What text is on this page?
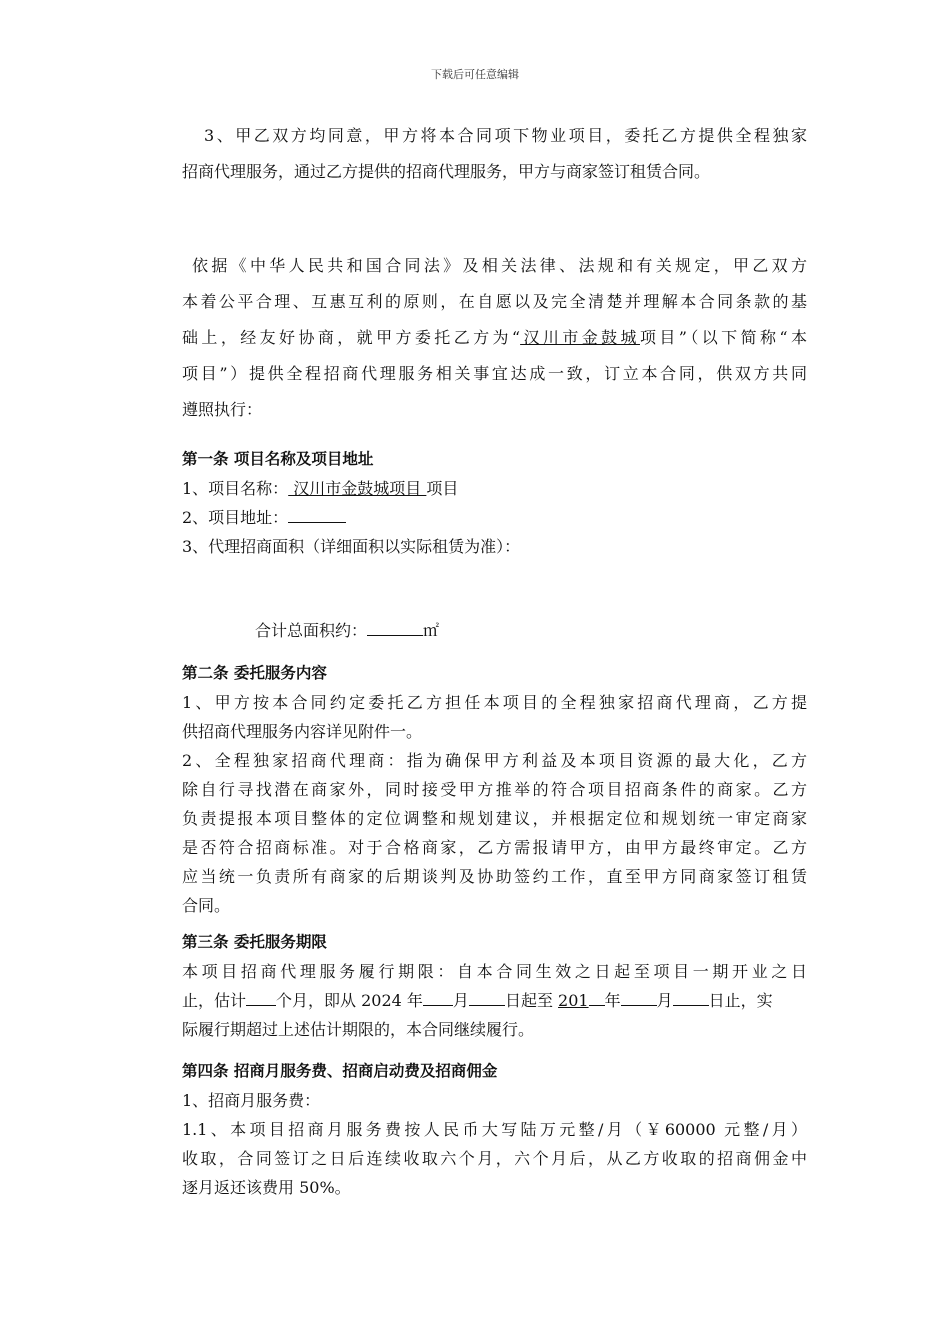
下载后可任意编辑

3、甲乙双方均同意，甲方将本合同项下物业项目，委托乙方提供全程独家

招商代理服务，通过乙方提供的招商代理服务，甲方与商家签订租赁合同。

依据《中华人民共和国合同法》及相关法律、法规和有关规定，甲乙双方

本着公平合理、互惠互利的原则，在自愿以及完全清楚并理解本合同条款的基

础上，经友好协商，就甲方委托乙方为“汉川市金鼓城项目”（以下简称“本

项目”）提供全程招商代理服务相关事宜达成一致，订立本合同，供双方共同

遵照执行：

第一条 项目名称及项目地址

1、项目名称： 汉川市金鼓城项目 项目

2、项目地址：

3、代理招商面积（详细面积以实际租赁为准）：

合计总面积约：	㎡

第二条 委托服务内容

1、甲方按本合同约定委托乙方担任本项目的全程独家招商代理商，乙方提

供招商代理服务内容详见附件一。

2、全程独家招商代理商：指为确保甲方利益及本项目资源的最大化，乙方

除自行寻找潜在商家外，同时接受甲方推举的符合项目招商条件的商家。乙方

负责提报本项目整体的定位调整和规划建议，并根据定位和规划统一审定商家

是否符合招商标准。对于合格商家，乙方需报请甲方，由甲方最终审定。乙方

应当统一负责所有商家的后期谈判及协助签约工作，直至甲方同商家签订租赁

合同。

第三条 委托服务期限

本项目招商代理服务履行期限：自本合同生效之日起至项目一期开业之日

止，估计 个月，即从 2024 年 月 日起至 201 年 月 日止，实

际履行期超过上述估计期限的，本合同继续履行。

第四条 招商月服务费、招商启动费及招商佣金

1、招商月服务费：

1.1、本项目招商月服务费按人民币大写陆万元整/月（￥60000 元整/月）

收取，合同签订之日后连续收取六个月，六个月后，从乙方收取的招商佣金中

逐月返还该费用 50%。
